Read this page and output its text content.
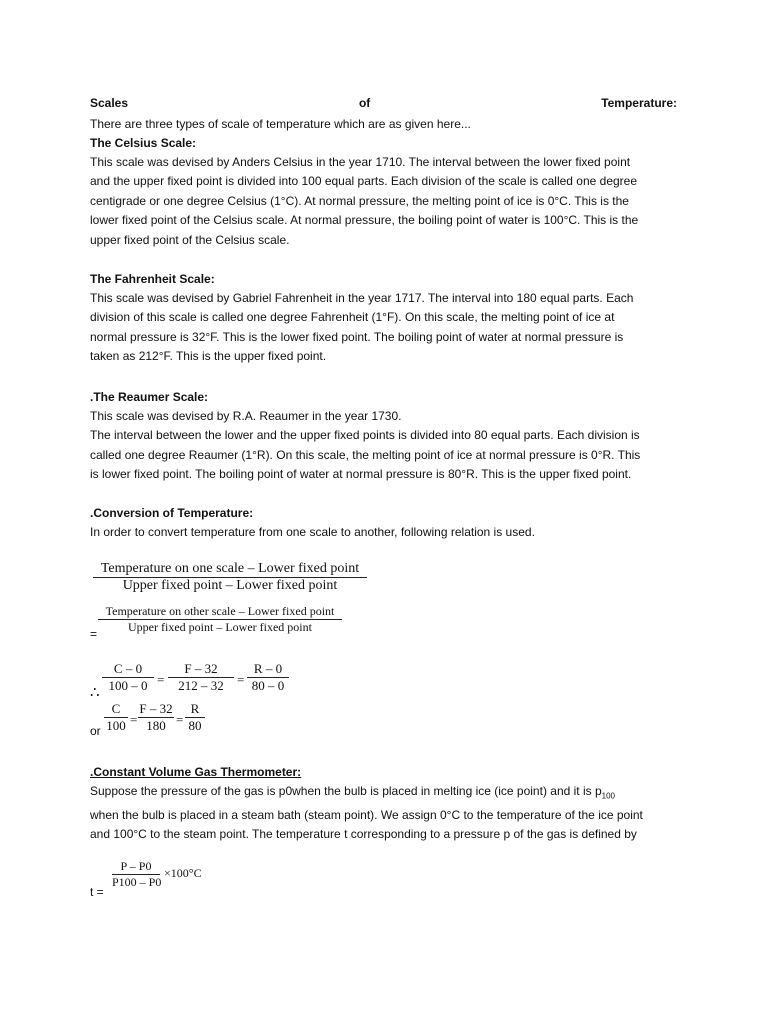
Scales	of	Temperature:

There are three types of scale of temperature which are as given here...

The Celsius Scale:

This scale was devised by Anders Celsius in the year 1710. The interval between the lower fixed point

and the upper fixed point is divided into 100 equal parts. Each division of the scale is called one degree

centigrade or one degree Celsius (1°C). At normal pressure, the melting point of ice is 0°C. This is the

lower fixed point of the Celsius scale. At normal pressure, the boiling point of water is 100°C. This is the

upper fixed point of the Celsius scale.

The Fahrenheit Scale:

This scale was devised by Gabriel Fahrenheit in the year 1717. The interval into 180 equal parts. Each

division of this scale is called one degree Fahrenheit (1°F). On this scale, the melting point of ice at

normal pressure is 32°F. This is the lower fixed point. The boiling point of water at normal pressure is

taken as 212°F. This is the upper fixed point.

.The Reaumer Scale:

This scale was devised by R.A. Reaumer in the year 1730.

The interval between the lower and the upper fixed points is divided into 80 equal parts. Each division is

called one degree Reaumer (1°R). On this scale, the melting point of ice at normal pressure is 0°R. This

is lower fixed point. The boiling point of water at normal pressure is 80°R. This is the upper fixed point.

.Conversion of Temperature:

In order to convert temperature from one scale to another, following relation is used.

Temperature on one scale – Lower fixed point
Upper fixed point – Lower fixed point
Temperature on other scale – Lower fixed point
Upper fixed point – Lower fixed point
=
∴
C – 0
100 – 0 =
F – 32
212 – 32	=
R – 0
80 – 0
or
C
100 =
F – 32
180 =
R
80

.Constant Volume Gas Thermometer:

Suppose the pressure of the gas is p0when the bulb is placed in melting ice (ice point) and it is $p_{100}$

when the bulb is placed in a steam bath (steam point). We assign 0°C to the temperature of the ice point

and 100°C to the steam point. The temperature t corresponding to a pressure p of the gas is defined by

t =
P – P0
P100 – P0
×100°C
